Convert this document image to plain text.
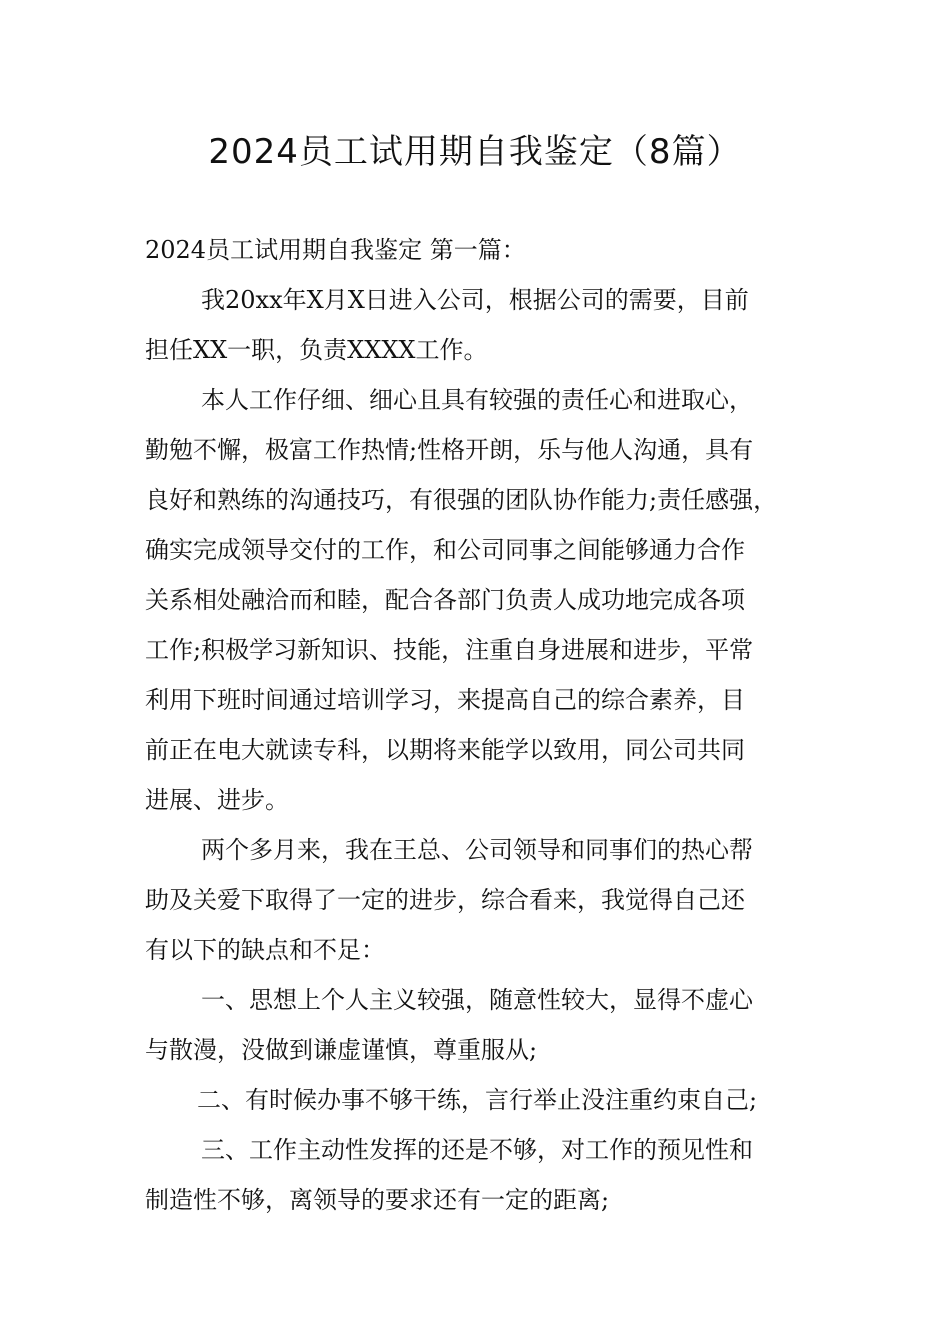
2024员工试用期自我鉴定（8篇）

2024员工试用期自我鉴定 第一篇：

我20xx年X月X日进入公司，根据公司的需要，目前
担任XX一职，负责XXXX工作。

本人工作仔细、细心且具有较强的责任心和进取心，
勤勉不懈，极富工作热情;性格开朗，乐与他人沟通，具有
良好和熟练的沟通技巧，有很强的团队协作能力;责任感强，
确实完成领导交付的工作，和公司同事之间能够通力合作
关系相处融洽而和睦，配合各部门负责人成功地完成各项
工作;积极学习新知识、技能，注重自身进展和进步，平常
利用下班时间通过培训学习，来提高自己的综合素养，目
前正在电大就读专科，以期将来能学以致用，同公司共同
进展、进步。

两个多月来，我在王总、公司领导和同事们的热心帮
助及关爱下取得了一定的进步，综合看来，我觉得自己还
有以下的缺点和不足：

一、思想上个人主义较强，随意性较大，显得不虚心
与散漫，没做到谦虚谨慎，尊重服从;

二、有时候办事不够干练，言行举止没注重约束自己;

三、工作主动性发挥的还是不够，对工作的预见性和
制造性不够，离领导的要求还有一定的距离;
